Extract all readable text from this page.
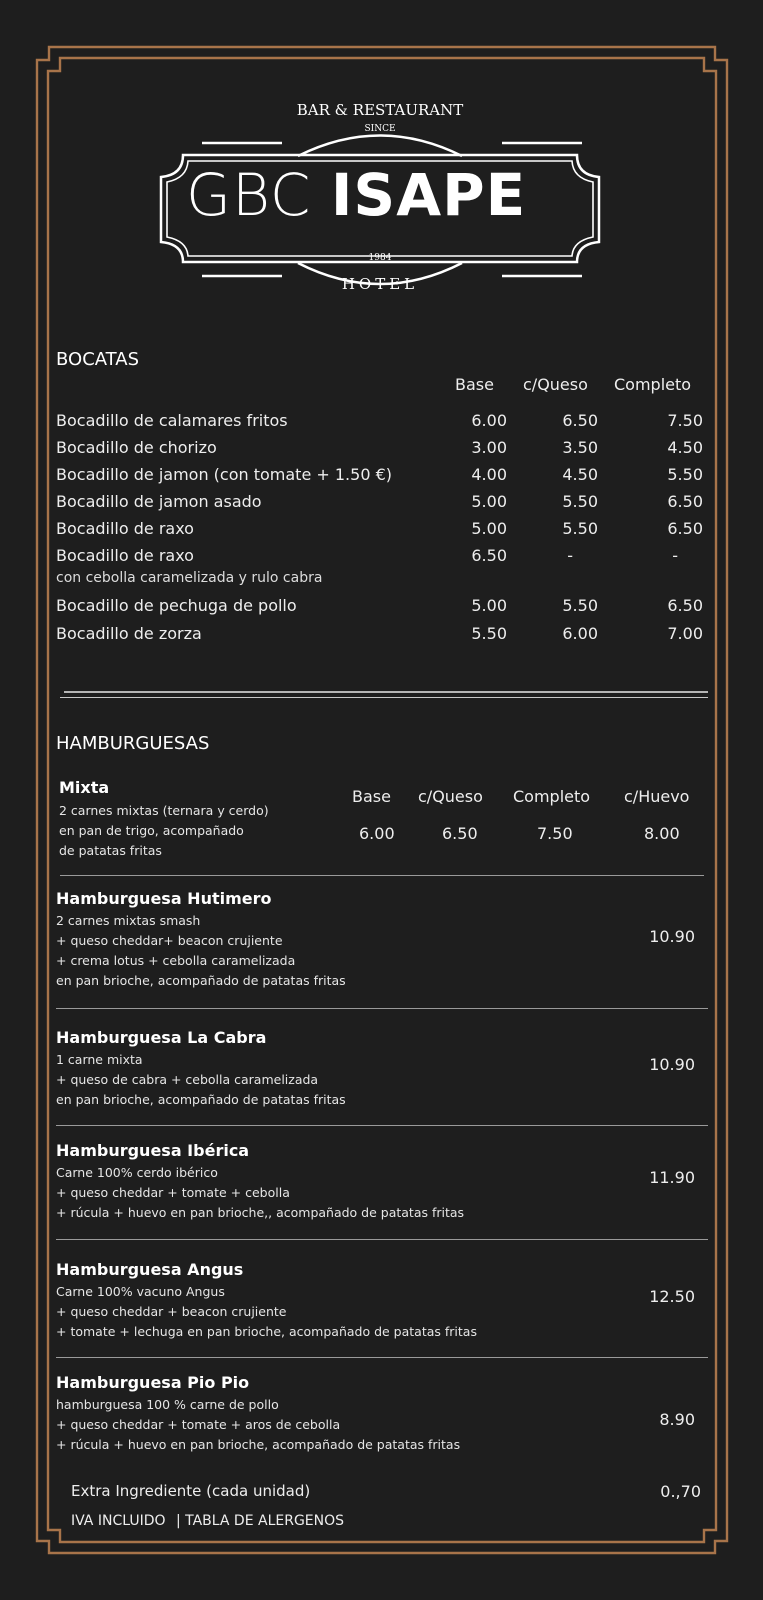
BAR & RESTAURANT
SINCE
GBC ISAPE
1984
HOTEL
BOCATAS
Base c/Queso Completo
Bocadillo de calamares fritos	6.00	6.50	7.50
Bocadillo de chorizo	3.00	3.50	4.50
Bocadillo de jamon (con tomate + 1.50 €)	4.00	4.50	5.50
Bocadillo de jamon asado	5.00	5.50	6.50
Bocadillo de raxo	5.00	5.50	6.50
Bocadillo de raxo
con cebolla caramelizada y rulo cabra
6.50	-	-
Bocadillo de pechuga de pollo	5.00	5.50	6.50
Bocadillo de zorza	5.50	6.00	7.00
HAMBURGUESAS
Mixta
2 carnes mixtas (ternara y cerdo)
en pan de trigo, acompañado
de patatas fritas
Base c/Queso Completo c/Huevo
6.00	6.50	7.50	8.00
Hamburguesa Hutimero
2 carnes mixtas smash
+ queso cheddar+ beacon crujiente
+ crema lotus + cebolla caramelizada
en pan brioche, acompañado de patatas fritas
10.90
Hamburguesa La Cabra
1 carne mixta
+ queso de cabra + cebolla caramelizada
en pan brioche, acompañado de patatas fritas
10.90
Hamburguesa Ibérica
Carne 100% cerdo ibérico
+ queso cheddar + tomate + cebolla
+ rúcula + huevo en pan brioche,, acompañado de patatas fritas
11.90
Hamburguesa Angus
Carne 100% vacuno Angus
+ queso cheddar + beacon crujiente
+ tomate + lechuga en pan brioche, acompañado de patatas fritas
12.50
Hamburguesa Pio Pio
hamburguesa 100 % carne de pollo
+ queso cheddar + tomate + aros de cebolla
+ rúcula + huevo en pan brioche, acompañado de patatas fritas
8.90
Extra Ingrediente (cada unidad)	0.,70
IVA INCLUIDO | TABLA DE ALERGENOS
